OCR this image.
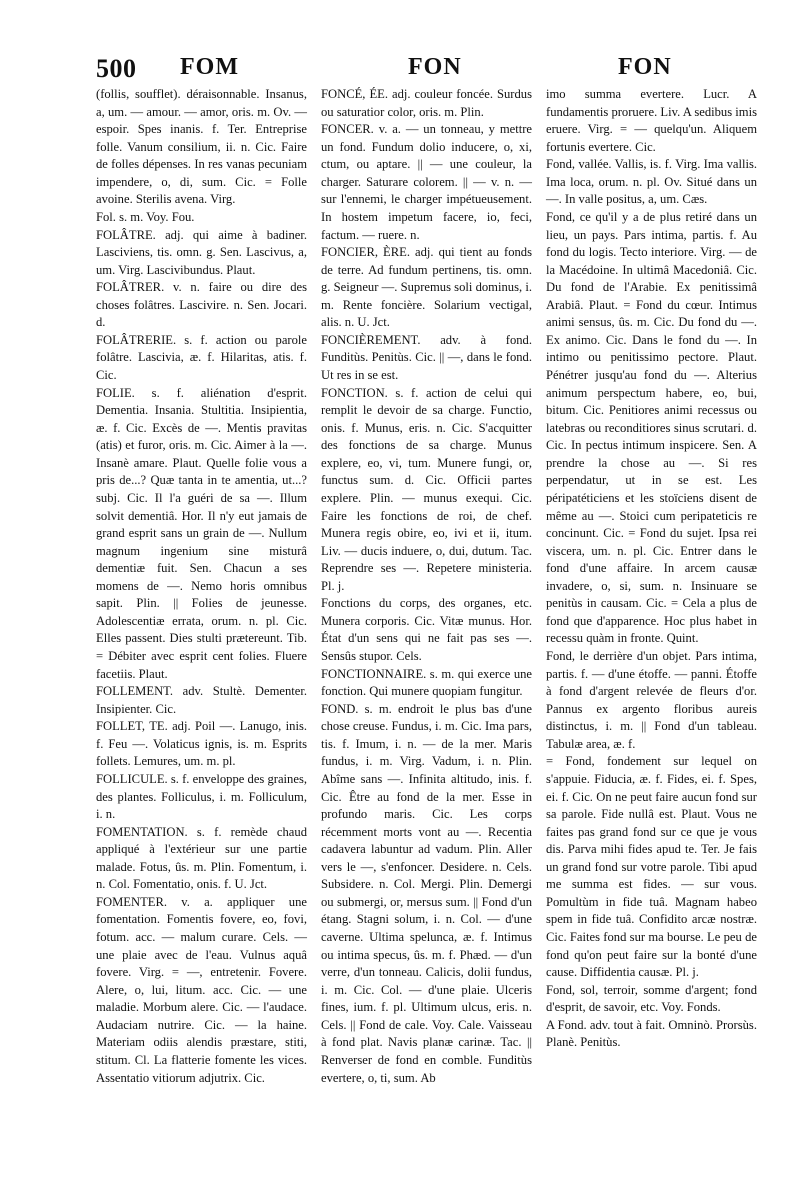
500 FOM	FON	FON

(follis, soufflet). déraisonnable. Insanus, a, um. — amour. — amor, oris. m. Ov. — espoir. Spes inanis. f. Ter. Entreprise folle. Vanum consilium, ii. n. Cic. Faire de folles dépenses. In res vanas pecuniam impendere, o, di, sum. Cic. = Folle avoine. Sterilis avena. Virg.

Fol. s. m. Voy. Fou.

FOLÂTRE. adj. qui aime à badiner. Lasciviens, tis. omn. g. Sen. Lascivus, a, um. Virg. Lascivibundus. Plaut.

FOLÂTRER. v. n. faire ou dire des choses folâtres. Lascivire. n. Sen. Jocari. d.

FOLÂTRERIE. s. f. action ou parole folâtre. Lascivia, æ. f. Hilaritas, atis. f. Cic.

FOLIE. s. f. aliénation d'esprit. Dementia. Insania. Stultitia. Insipientia, æ. f. Cic. Excès de —. Mentis pravitas (atis) et furor, oris. m. Cic. Aimer à la —. Insanè amare. Plaut. Quelle folie vous a pris de...? Quæ tanta in te amentia, ut...? subj. Cic. Il l'a guéri de sa —. Illum solvit dementiâ. Hor. Il n'y eut jamais de grand esprit sans un grain de —. Nullum magnum ingenium sine misturâ dementiæ fuit. Sen. Chacun a ses momens de —. Nemo horis omnibus sapit. Plin. || Folies de jeunesse. Adolescentiæ errata, orum. n. pl. Cic. Elles passent. Dies stulti prætereunt. Tib. = Débiter avec esprit cent folies. Fluere facetiis. Plaut.

FOLLEMENT. adv. Stultè. Dementer. Insipienter. Cic.

FOLLET, TE. adj. Poil —. Lanugo, inis. f. Feu —. Volaticus ignis, is. m. Esprits follets. Lemures, um. m. pl.

FOLLICULE. s. f. enveloppe des graines, des plantes. Folliculus, i. m. Folliculum, i. n.

FOMENTATION. s. f. remède chaud appliqué à l'extérieur sur une partie malade. Fotus, ûs. m. Plin. Fomentum, i. n. Col. Fomentatio, onis. f. U. Jct.

FOMENTER. v. a. appliquer une fomentation. Fomentis fovere, eo, fovi, fotum. acc. — malum curare. Cels. — une plaie avec de l'eau. Vulnus aquâ fovere. Virg. = —, entretenir. Fovere. Alere, o, lui, litum. acc. Cic. — une maladie. Morbum alere. Cic. — l'audace. Audaciam nutrire. Cic. — la haine. Materiam odiis alendis præstare, stiti, stitum. Cl. La flatterie fomente les vices. Assentatio vitiorum adjutrix. Cic.

FONCÉ, ÉE. adj. couleur foncée. Surdus ou saturatior color, oris. m. Plin.

FONCER. v. a. — un tonneau, y mettre un fond. Fundum dolio inducere, o, xi, ctum, ou aptare. || — une couleur, la charger. Saturare colorem. || — v. n. — sur l'ennemi, le charger impétueusement. In hostem impetum facere, io, feci, factum. — ruere. n.

FONCIER, ÈRE. adj. qui tient au fonds de terre. Ad fundum pertinens, tis. omn. g. Seigneur —. Supremus soli dominus, i. m. Rente foncière. Solarium vectigal, alis. n. U. Jct.

FONCIÈREMENT. adv. à fond. Funditùs. Penitùs. Cic. || —, dans le fond. Ut res in se est.

FONCTION. s. f. action de celui qui remplit le devoir de sa charge. Functio, onis. f. Munus, eris. n. Cic. S'acquitter des fonctions de sa charge. Munus explere, eo, vi, tum. Munere fungi, or, functus sum. d. Cic. Officii partes explere. Plin. — munus exequi. Cic. Faire les fonctions de roi, de chef. Munera regis obire, eo, ivi et ii, itum. Liv. — ducis induere, o, dui, dutum. Tac. Reprendre ses —. Repetere ministeria. Pl. j.

Fonctions du corps, des organes, etc. Munera corporis. Cic. Vitæ munus. Hor. État d'un sens qui ne fait pas ses —. Sensûs stupor. Cels.

FONCTIONNAIRE. s. m. qui exerce une fonction. Qui munere quopiam fungitur.

FOND. s. m. endroit le plus bas d'une chose creuse. Fundus, i. m. Cic. Ima pars, tis. f. Imum, i. n. — de la mer. Maris fundus, i. m. Virg. Vadum, i. n. Plin. Abîme sans —. Infinita altitudo, inis. f. Cic. Être au fond de la mer. Esse in profundo maris. Cic. Les corps récemment morts vont au —. Recentia cadavera labuntur ad vadum. Plin. Aller vers le —, s'enfoncer. Desidere. n. Cels. Subsidere. n. Col. Mergi. Plin. Demergi ou submergi, or, mersus sum. || Fond d'un étang. Stagni solum, i. n. Col. — d'une caverne. Ultima spelunca, æ. f. Intimus ou intima specus, ûs. m. f. Phæd. — d'un verre, d'un tonneau. Calicis, dolii fundus, i. m. Cic. Col. — d'une plaie. Ulceris fines, ium. f. pl. Ultimum ulcus, eris. n. Cels. || Fond de cale. Voy. Cale. Vaisseau à fond plat. Navis planæ carinæ. Tac. || Renverser de fond en comble. Funditùs evertere, o, ti, sum. Ab

imo summa evertere. Lucr. A fundamentis proruere. Liv. A sedibus imis eruere. Virg. = — quelqu'un. Aliquem fortunis evertere. Cic.

Fond, vallée. Vallis, is. f. Virg. Ima vallis. Ima loca, orum. n. pl. Ov. Situé dans un —. In valle positus, a, um. Cæs.

Fond, ce qu'il y a de plus retiré dans un lieu, un pays. Pars intima, partis. f. Au fond du logis. Tecto interiore. Virg. — de la Macédoine. In ultimâ Macedoniâ. Cic. Du fond de l'Arabie. Ex penitissimâ Arabiâ. Plaut. = Fond du cœur. Intimus animi sensus, ûs. m. Cic. Du fond du —. Ex animo. Cic. Dans le fond du —. In intimo ou penitissimo pectore. Plaut. Pénétrer jusqu'au fond du —. Alterius animum perspectum habere, eo, bui, bitum. Cic. Penitiores animi recessus ou latebras ou reconditiores sinus scrutari. d. Cic. In pectus intimum inspicere. Sen. A prendre la chose au —. Si res perpendatur, ut in se est. Les péripatéticiens et les stoïciens disent de même au —. Stoici cum peripateticis re concinunt. Cic. = Fond du sujet. Ipsa rei viscera, um. n. pl. Cic. Entrer dans le fond d'une affaire. In arcem causæ invadere, o, si, sum. n. Insinuare se penitùs in causam. Cic. = Cela a plus de fond que d'apparence. Hoc plus habet in recessu quàm in fronte. Quint.

Fond, le derrière d'un objet. Pars intima, partis. f. — d'une étoffe. — panni. Étoffe à fond d'argent relevée de fleurs d'or. Pannus ex argento floribus aureis distinctus, i. m. || Fond d'un tableau. Tabulæ area, æ. f.

= Fond, fondement sur lequel on s'appuie. Fiducia, æ. f. Fides, ei. f. Spes, ei. f. Cic. On ne peut faire aucun fond sur sa parole. Fide nullâ est. Plaut. Vous ne faites pas grand fond sur ce que je vous dis. Parva mihi fides apud te. Ter. Je fais un grand fond sur votre parole. Tibi apud me summa est fides. — sur vous. Pomultùm in fide tuâ. Magnam habeo spem in fide tuâ. Confidito arcæ nostræ. Cic. Faites fond sur ma bourse. Le peu de fond qu'on peut faire sur la bonté d'une cause. Diffidentia causæ. Pl. j.

Fond, sol, terroir, somme d'argent; fond d'esprit, de savoir, etc. Voy. Fonds.

A Fond. adv. tout à fait. Omninò. Prorsùs. Planè. Penitùs.
